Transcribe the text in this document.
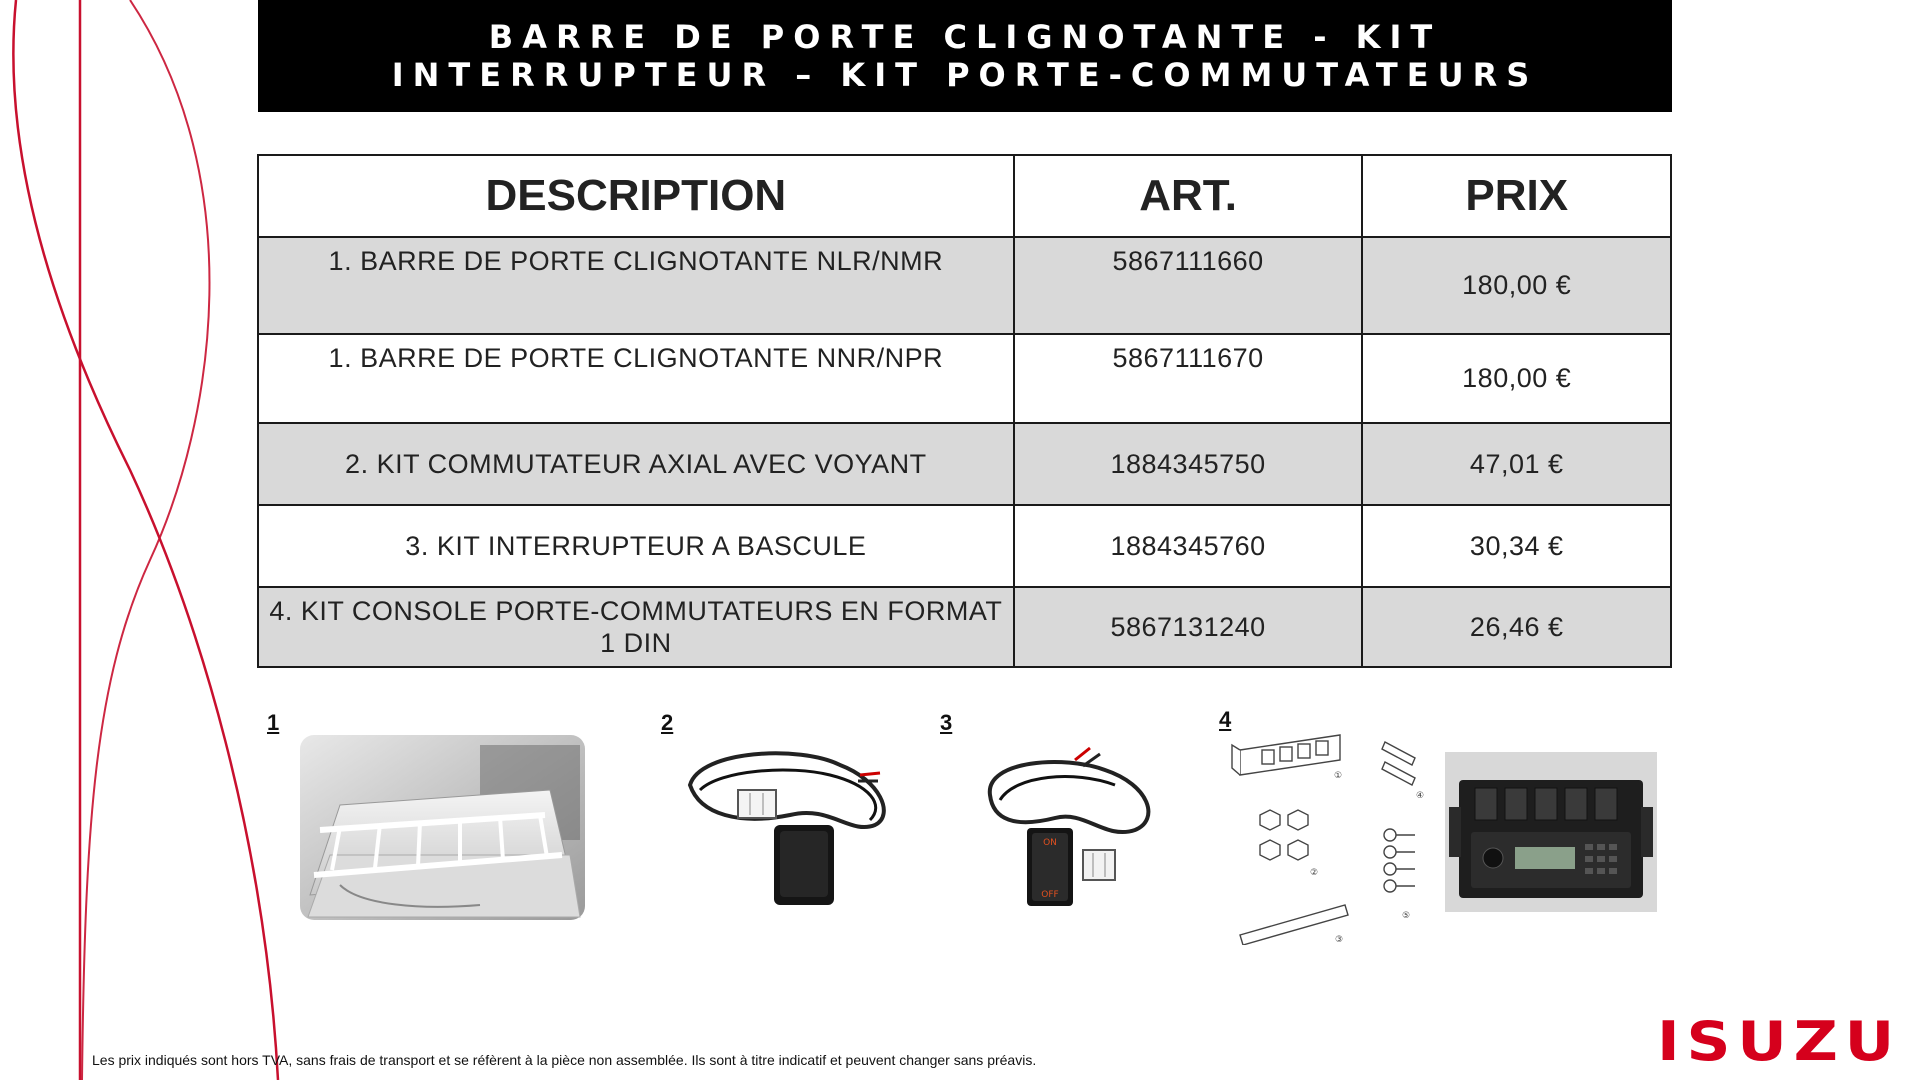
BARRE DE PORTE CLIGNOTANTE - KIT
INTERRUPTEUR – KIT PORTE-COMMUTATEURS
DESCRIPTION	ART.	PRIX
1. BARRE DE PORTE CLIGNOTANTE NLR/NMR	5867111660	180,00 €
1. BARRE DE PORTE CLIGNOTANTE NNR/NPR	5867111670	180,00 €
2. KIT COMMUTATEUR AXIAL AVEC VOYANT	1884345750	47,01 €
3. KIT INTERRUPTEUR A BASCULE	1884345760	30,34 €
4. KIT CONSOLE PORTE-COMMUTATEURS EN FORMAT 1 DIN	5867131240	26,46 €
1	2	3	4
ON
OFF
①
②
③
④
⑤
Les prix indiqués sont hors TVA, sans frais de transport et se réfèrent à la pièce non assemblée. Ils sont à titre indicatif et peuvent changer sans préavis.	ISUZU
